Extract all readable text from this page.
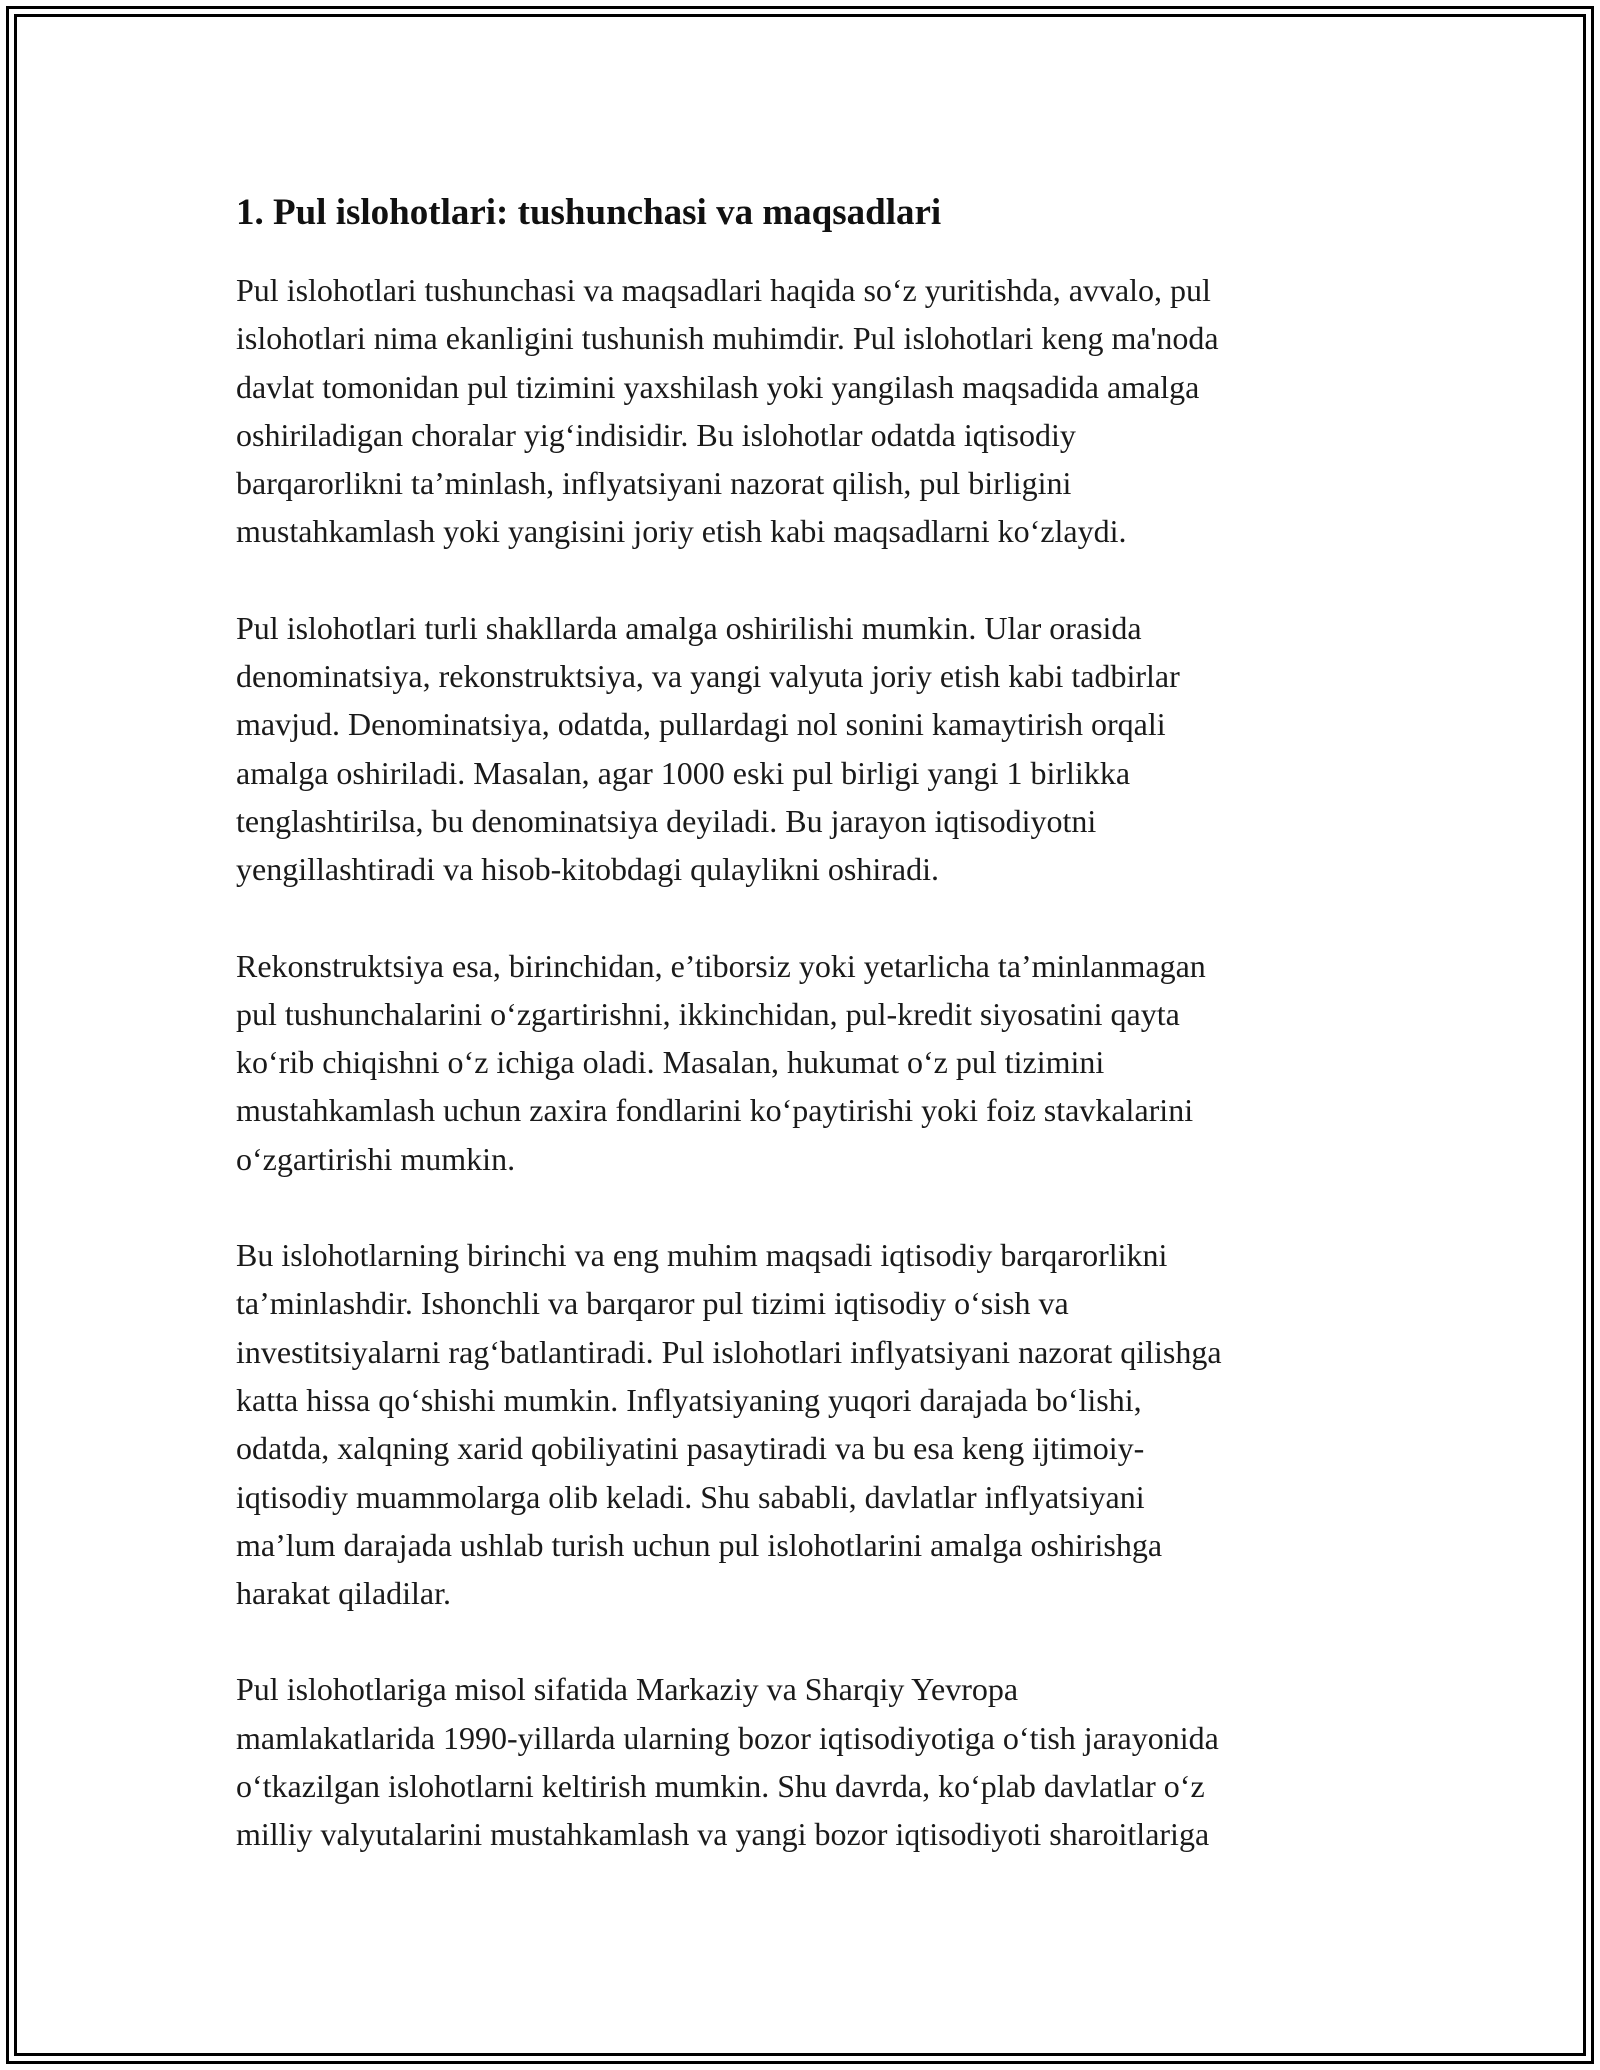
1. Pul islohotlari: tushunchasi va maqsadlari
Pul islohotlari tushunchasi va maqsadlari haqida so‘z yuritishda, avvalo, pul
islohotlari nima ekanligini tushunish muhimdir. Pul islohotlari keng ma'noda
davlat tomonidan pul tizimini yaxshilash yoki yangilash maqsadida amalga
oshiriladigan choralar yig‘indisidir. Bu islohotlar odatda iqtisodiy
barqarorlikni ta’minlash, inflyatsiyani nazorat qilish, pul birligini
mustahkamlash yoki yangisini joriy etish kabi maqsadlarni ko‘zlaydi.
Pul islohotlari turli shakllarda amalga oshirilishi mumkin. Ular orasida
denominatsiya, rekonstruktsiya, va yangi valyuta joriy etish kabi tadbirlar
mavjud. Denominatsiya, odatda, pullardagi nol sonini kamaytirish orqali
amalga oshiriladi. Masalan, agar 1000 eski pul birligi yangi 1 birlikka
tenglashtirilsa, bu denominatsiya deyiladi. Bu jarayon iqtisodiyotni
yengillashtiradi va hisob-kitobdagi qulaylikni oshiradi.
Rekonstruktsiya esa, birinchidan, e’tiborsiz yoki yetarlicha ta’minlanmagan
pul tushunchalarini o‘zgartirishni, ikkinchidan, pul-kredit siyosatini qayta
ko‘rib chiqishni o‘z ichiga oladi. Masalan, hukumat o‘z pul tizimini
mustahkamlash uchun zaxira fondlarini ko‘paytirishi yoki foiz stavkalarini
o‘zgartirishi mumkin.
Bu islohotlarning birinchi va eng muhim maqsadi iqtisodiy barqarorlikni
ta’minlashdir. Ishonchli va barqaror pul tizimi iqtisodiy o‘sish va
investitsiyalarni rag‘batlantiradi. Pul islohotlari inflyatsiyani nazorat qilishga
katta hissa qo‘shishi mumkin. Inflyatsiyaning yuqori darajada bo‘lishi,
odatda, xalqning xarid qobiliyatini pasaytiradi va bu esa keng ijtimoiy-
iqtisodiy muammolarga olib keladi. Shu sababli, davlatlar inflyatsiyani
ma’lum darajada ushlab turish uchun pul islohotlarini amalga oshirishga
harakat qiladilar.
Pul islohotlariga misol sifatida Markaziy va Sharqiy Yevropa
mamlakatlarida 1990-yillarda ularning bozor iqtisodiyotiga o‘tish jarayonida
o‘tkazilgan islohotlarni keltirish mumkin. Shu davrda, ko‘plab davlatlar o‘z
milliy valyutalarini mustahkamlash va yangi bozor iqtisodiyoti sharoitlariga
